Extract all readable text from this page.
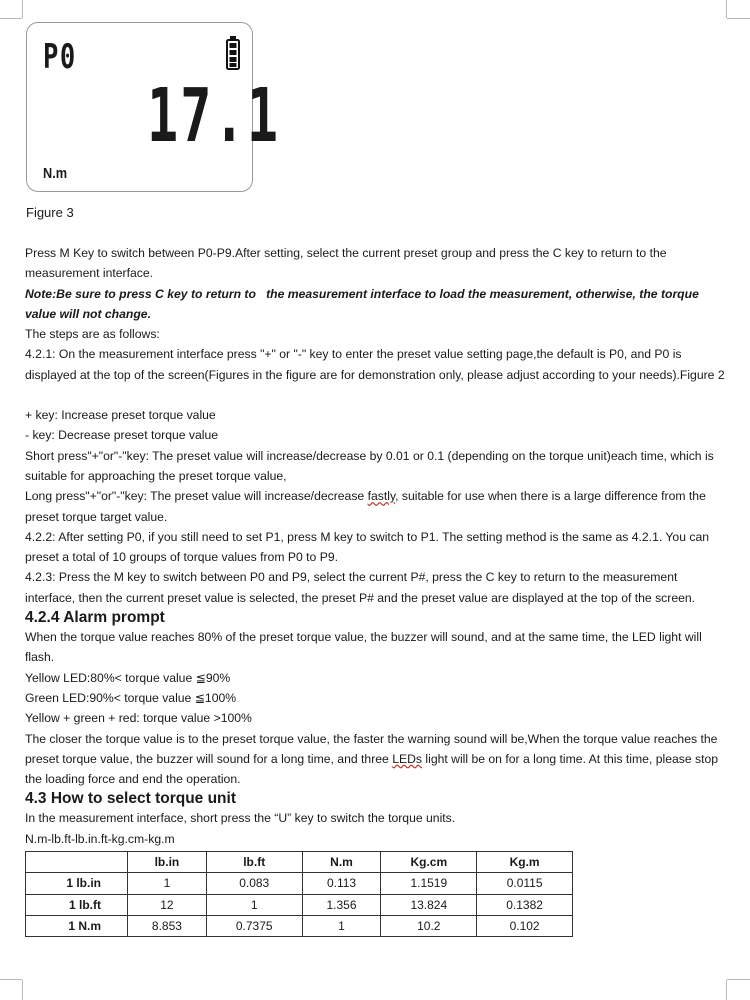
P0
17.1
N.m
Figure 3

Press M Key to switch between P0-P9.After setting, select the current preset group and press the C key to return to the measurement interface.

Note:Be sure to press C key to return to   the measurement interface to load the measurement, otherwise, the torque value will not change.

The steps are as follows:

4.2.1: On the measurement interface press "+" or "-" key to enter the preset value setting page,the default is P0, and P0 is displayed at the top of the screen(Figures in the figure are for demonstration only, please adjust according to your needs).Figure 2

+ key: Increase preset torque value

- key: Decrease preset torque value

Short press"+"or"-"key: The preset value will increase/decrease by 0.01 or 0.1 (depending on the torque unit)each time, which is suitable for approaching the preset torque value,

Long press"+"or"-"key: The preset value will increase/decrease fastly, suitable for use when there is a large difference from the preset torque target value.

4.2.2: After setting P0, if you still need to set P1, press M key to switch to P1. The setting method is the same as 4.2.1. You can preset a total of 10 groups of torque values from P0 to P9.

4.2.3: Press the M key to switch between P0 and P9, select the current P#, press the C key to return to the measurement interface, then the current preset value is selected, the preset P# and the preset value are displayed at the top of the screen.

4.2.4 Alarm prompt

When the torque value reaches 80% of the preset torque value, the buzzer will sound, and at the same time, the LED light will flash.

Yellow LED:80%< torque value ≦90%

Green LED:90%< torque value ≦100%

Yellow + green + red: torque value >100%

The closer the torque value is to the preset torque value, the faster the warning sound will be,When the torque value reaches the preset torque value, the buzzer will sound for a long time, and three LEDs light will be on for a long time. At this time, please stop the loading force and end the operation.

4.3 How to select torque unit

In the measurement interface, short press the “U” key to switch the torque units.

N.m-lb.ft-lb.in.ft-kg.cm-kg.m

	lb.in	lb.ft	N.m	Kg.cm	Kg.m
1 lb.in	1	0.083	0.113	1.1519	0.0115
1 lb.ft	12	1	1.356	13.824	0.1382
1 N.m	8.853	0.7375	1	10.2	0.102
